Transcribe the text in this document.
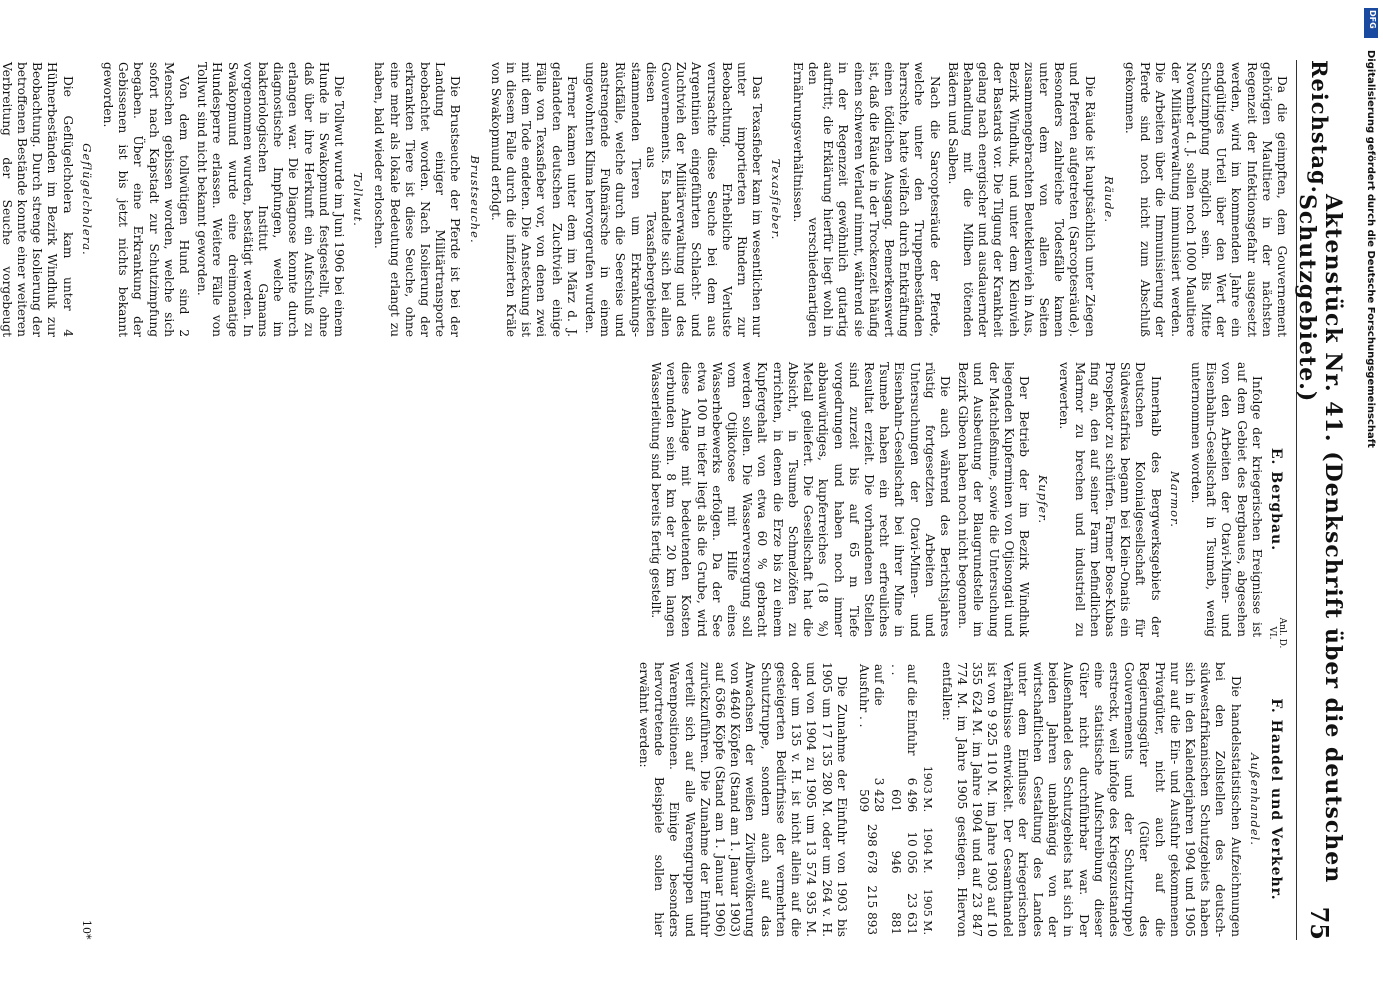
Reichstag.
Aktenstück Nr. 41. (Denkschrift über die deutschen Schutzgebiete.)
75

Da die geimpften, dem Gouvernement gehörigen Maultiere in der nächsten Regenzeit der Infektionsgefahr ausgesetzt werden, wird im kommenden Jahre ein endgültiges Urteil über den Wert der Schutzimpfung möglich sein. Bis Mitte November d. J. sollen noch 1000 Maultiere der Militärverwaltung immunisiert werden. Die Arbeiten über die Immunisierung der Pferde sind noch nicht zum Abschluß gekommen.

Räude.

Die Räude ist hauptsächlich unter Ziegen und Pferden aufgetreten (Sarcoptesräude). Besonders zahlreiche Todesfälle kamen unter dem von allen Seiten zusammengebrachten Beuteklenvieh in Aus, Bezirk Windhuk, und unter dem Kleinvieh der Bastards vor. Die Tilgung der Krankheit gelang nach energischer und ausdauernder Behandlung mit die Milben tötenden Bädern und Salben.

Nach die Sarcoptesräude der Pferde, welche unter den Truppenbeständen herrschte, hatte vielfach durch Entkräftung einen tödlichen Ausgang. Bemerkenswert ist, daß die Räude in der Trockenzeit häufig einen schweren Verlauf nimmt, während sie in der Regenzeit gewöhnlich gutartig auftritt; die Erklärung hierfür liegt wohl in den verschiedenartigen Ernährungsverhältnissen.

Texasfieber.

Das Texasfieber kam im wesentlichen nur unter importierten Rindern zur Beobachtung. Erhebliche Verluste verursachte diese Seuche bei dem aus Argentinien eingeführten Schlacht- und Zuchtvieh der Militärverwaltung und des Gouvernements. Es handelte sich bei allen diesen aus Texasfiebergebieten stammenden Tieren um Erkrankungs-Rückfälle, welche durch die Seereise und anstrengende Fußmärsche in einem ungewohnten Klima hervorgerufen wurden.

Ferner kamen unter dem im März d. J. gelandeten deutschen Zuchtvieh einige Fälle von Texasfieber vor, von denen zwei mit dem Tode endeten. Die Ansteckung ist in diesem Falle durch die infizierten Kräle von Swakopmund erfolgt.

Brustseuche.

Die Brustseuche der Pferde ist bei der Landung einiger Militärtransporte beobachtet worden. Nach Isolierung der erkrankten Tiere ist diese Seuche, ohne eine mehr als lokale Bedeutung erlangt zu haben, bald wieder erloschen.

Tollwut.

Die Tollwut wurde im Juni 1906 bei einem Hunde in Swakopmund festgestellt, ohne daß über ihre Herkunft ein Aufschluß zu erlangen war. Die Diagnose konnte durch diagnostische Impfungen, welche im bakteriologischen Institut Gamams vorgenommen wurden, bestätigt werden. In Swakopmund wurde eine dreimonatige Hundesperre erlassen. Weitere Fälle von Tollwut sind nicht bekannt geworden.

Von dem tollwütigen Hund sind 2 Menschen gebissen worden, welche sich sofort nach Kapstadt zur Schutzimpfung begaben. Über eine Erkrankung der Gebissenen ist bis jetzt nichts bekannt geworden.

Geflügelcholera.

Die Geflügelcholera kam unter 4 Hühnerbeständen im Bezirk Windhuk zur Beobachtung. Durch strenge Isolierung der betroffenen Bestände konnte einer weiteren Verbreitung der Seuche vorgebeugt

E. Bergbau.

Infolge der kriegerischen Ereignisse ist auf dem Gebiet des Bergbaues, abgesehen von den Arbeiten der Otavi-Minen- und Eisenbahn-Gesellschaft in Tsumeb, wenig unternommen worden.

Marmor.

Innerhalb des Bergwerksgebiets der Deutschen Kolonialgesellschaft für Südwestafrika begann bei Klein-Onatis ein Prospektor zu schürfen. Farmer Bose-Kubas fing an, den auf seiner Farm befindlichen Marmor zu brechen und industriell zu verwerten.

Kupfer.

Der Betrieb der im Bezirk Windhuk liegenden Kupferminen von Otjisongati und der Matchleßmine, sowie die Untersuchung und Ausbeutung der Blaugrundstelle im Bezirk Gibeon haben noch nicht begonnen.

Die auch während des Berichtsjahres rüstig fortgesetzten Arbeiten und Untersuchungen der Otavi-Minen- und Eisenbahn-Gesellschaft bei ihrer Mine in Tsumeb haben ein recht erfreuliches Resultat erzielt. Die vorhandenen Stellen sind zurzeit bis auf 65 m Tiefe vorgedrungen und haben noch immer abbauwürdiges, kupferreiches (18 %) Metall geliefert. Die Gesellschaft hat die Absicht, in Tsumeb Schmelzöfen zu errichten, in denen die Erze bis zu einem Kupfergehalt von etwa 60 % gebracht werden sollen. Die Wasserversorgung soll vom Otjikotosee mit Hilfe eines Wasserhebewerks erfolgen. Da der See etwa 100 m tiefer liegt als die Grube, wird diese Anlage mit bedeutenden Kosten verbunden sein. 8 km der 20 km langen Wasserleitung sind bereits fertig gestellt.

Anl. D. VI.
F. Handel und Verkehr.
Außenhandel.

Die handelsstatistischen Aufzeichnungen bei den Zollstellen des deutsch-südwestafrikanischen Schutzgebiets haben sich in den Kalenderjahren 1904 und 1905 nur auf die Ein- und Ausfuhr gekommenen Privatgüter, nicht auch auf die Regierungsgüter (Güter des Gouvernements und der Schutztruppe) erstreckt, weil infolge des Kriegszustandes eine statistische Aufschreibung dieser Güter nicht durchführbar war. Der Außenhandel des Schutzgebiets hat sich in beiden Jahren unabhängig von der wirtschaftlichen Gestaltung des Landes unter dem Einflusse der kriegerischen Verhältnisse entwickelt. Der Gesamthandel ist von 9 925 110 M. im Jahre 1903 auf 10 355 624 M. im Jahre 1904 und auf 23 847 774 M. im Jahre 1905 gestiegen. Hiervon entfallen:

	1903 M.	1904 M.	1905 M.
auf die Einfuhr . .	6 496 601	10 056 946	23 631 881
auf die Ausfuhr . .	3 428 509	298 678	215 893

Die Zunahme der Einfuhr von 1903 bis 1905 um 17 135 280 M. oder um 264 v. H. und von 1904 zu 1905 um 13 574 935 M. oder um 135 v. H. ist nicht allein auf die gesteigerten Bedürfnisse der vermehrten Schutztruppe, sondern auch auf das Anwachsen der weißen Zivilbevölkerung von 4640 Köpfen (Stand am 1. Januar 1903) auf 6366 Köpfe (Stand am 1. Januar 1906) zurückzuführen. Die Zunahme der Einfuhr verteilt sich auf alle Warengruppen und Warenpositionen. Einige besonders hervortretende Beispiele sollen hier erwähnt werden:

10*
DFG
Digitalisierung gefördert durch die Deutsche Forschungsgemeinschaft
